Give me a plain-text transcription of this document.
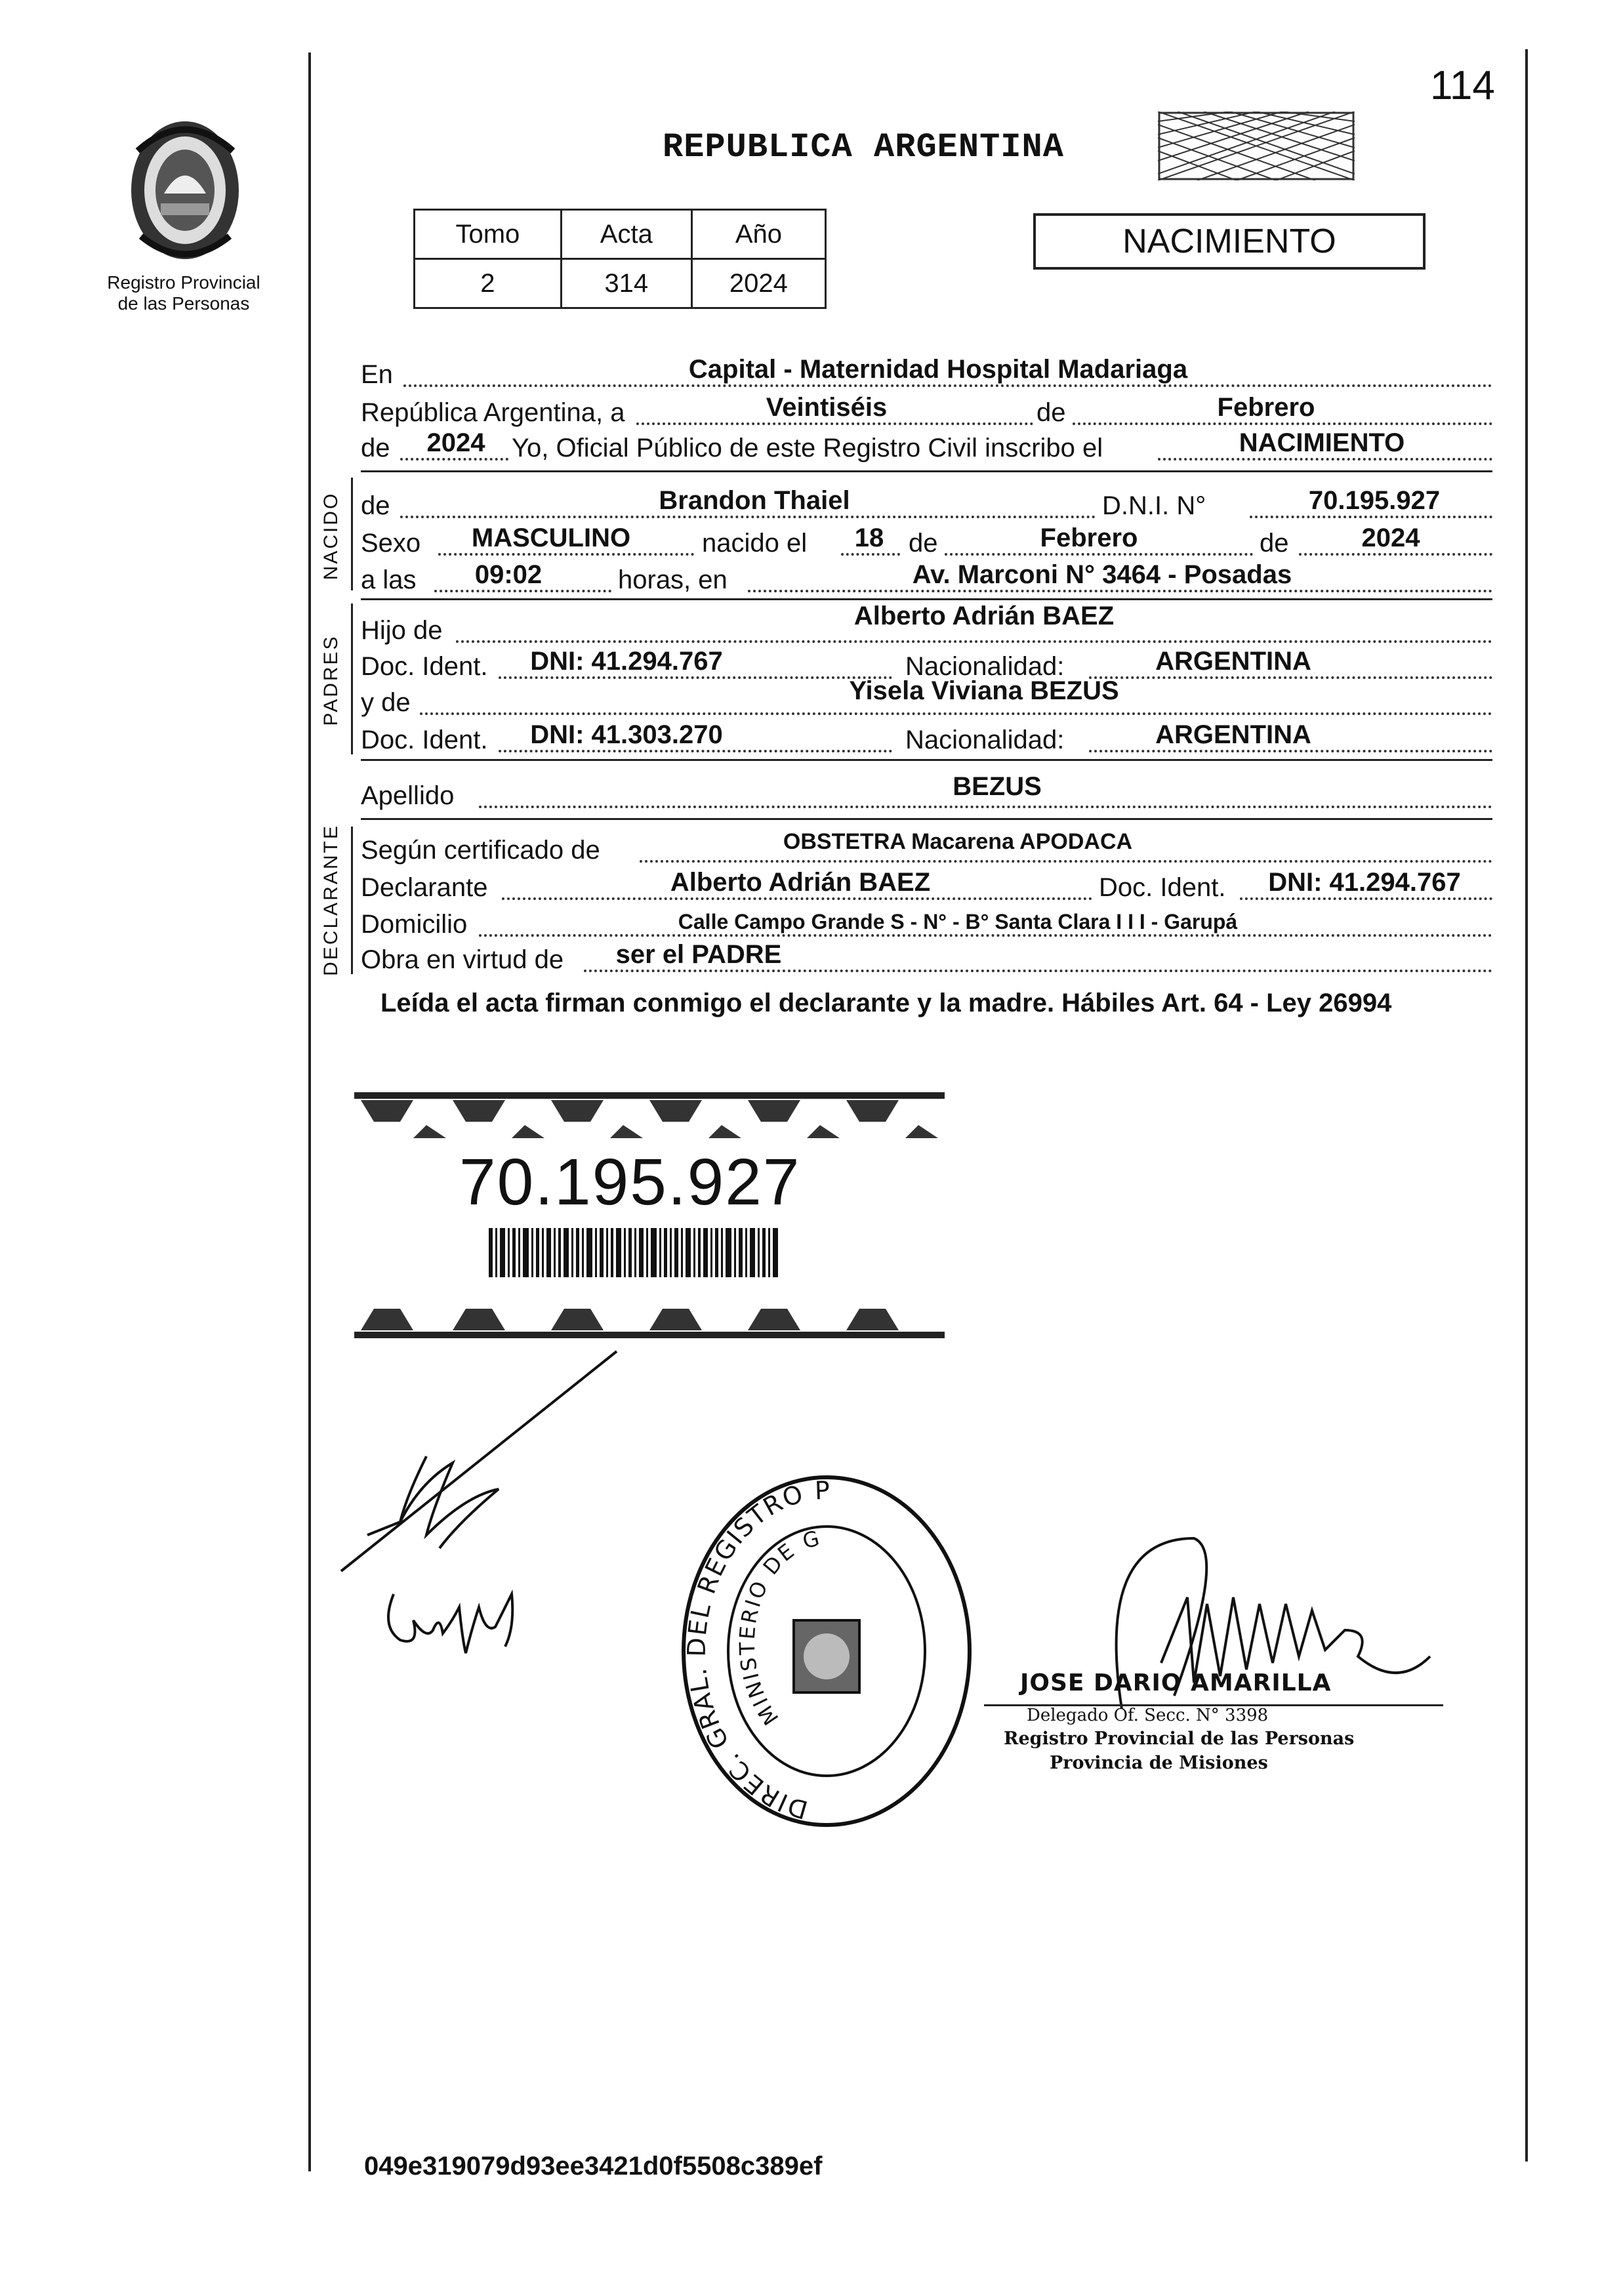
114
Registro Provincial
de las Personas
REPUBLICA ARGENTINA
Tomo	Acta	Año
2	314	2024
NACIMIENTO
NACIDO
PADRES
DECLARANTE
En	Capital - Maternidad Hospital Madariaga
República Argentina, a	Veintiséis	de	Febrero
de	2024	Yo, Oficial Público de este Registro Civil inscribo el	NACIMIENTO
de	Brandon Thaiel	D.N.I. N°	70.195.927
Sexo	MASCULINO	nacido el	18 de	Febrero	de	2024
a las	09:02	horas, en	Av. Marconi N° 3464 - Posadas
Hijo de	Alberto Adrián BAEZ
Doc. Ident.	DNI: 41.294.767	Nacionalidad:	ARGENTINA
y de	Yisela Viviana BEZUS
Doc. Ident.	DNI: 41.303.270	Nacionalidad:	ARGENTINA
Apellido	BEZUS
Según certificado de	OBSTETRA Macarena APODACA
Declarante	Alberto Adrián BAEZ	Doc. Ident.	DNI: 41.294.767
Domicilio	Calle Campo Grande S - N° - B° Santa Clara I I I - Garupá
Obra en virtud de	ser el PADRE
Leída el acta firman conmigo el declarante y la madre. Hábiles Art. 64 - Ley 26994
70.195.927
DIREC. GRAL. DEL REGISTRO P
MINISTERIO DE G
JOSE DARIO AMARILLA
Delegado Of. Secc. N° 3398
Registro Provincial de las Personas
Provincia de Misiones
049e319079d93ee3421d0f5508c389ef
